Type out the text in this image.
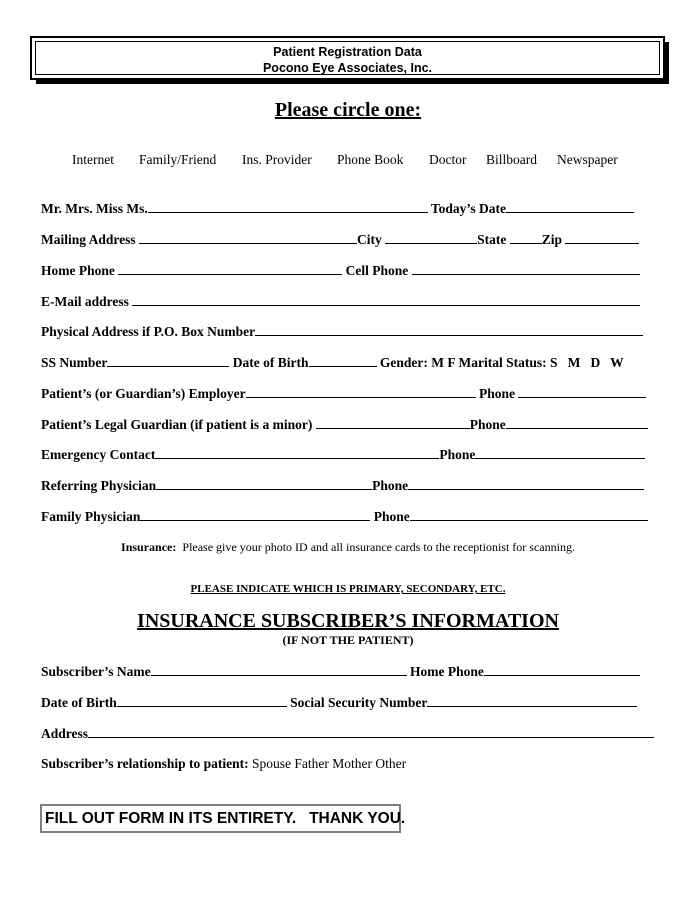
Patient Registration Data
Pocono Eye Associates, Inc.
Please circle one:
Internet Family/Friend Ins. Provider Phone Book Doctor Billboard Newspaper
Mr. Mrs. Miss Ms.	Today’s Date
Mailing Address	City	State	Zip
Home Phone	Cell Phone
E-Mail address
Physical Address if P.O. Box Number
SS Number	Date of Birth	Gender: M F Marital Status: S   M   D   W
Patient’s (or Guardian’s) Employer	Phone
Patient’s Legal Guardian (if patient is a minor)	Phone
Emergency Contact	Phone
Referring Physician	Phone
Family Physician	Phone
Insurance: Please give your photo ID and all insurance cards to the receptionist for scanning.
PLEASE INDICATE WHICH IS PRIMARY, SECONDARY, ETC.
INSURANCE SUBSCRIBER’S INFORMATION
(IF NOT THE PATIENT)
Subscriber’s Name	Home Phone
Date of Birth	Social Security Number
Address
Subscriber’s relationship to patient: Spouse Father Mother Other
FILL OUT FORM IN ITS ENTIRETY.   THANK YOU.
